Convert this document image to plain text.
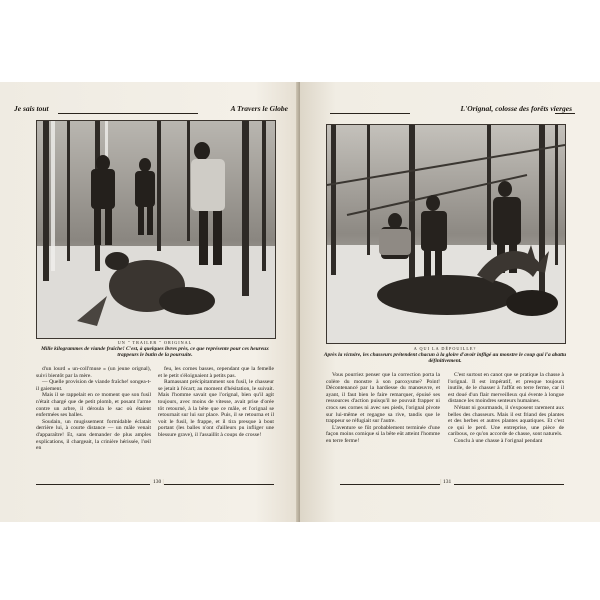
Je sais tout	A Travers le Globe
UN " TRAILER " ORIGINAL
Mille kilogrammes de viande fraîche! C'est, à quelques livres près, ce que représente pour ces heureux trappeurs le butin de la poursuite.

d'un lourd « un-coll'muse » (un jeune orignal), suivi bientôt par la mère.

— Quelle provision de viande fraîche! songea-t-il gaiement.

Mais il se rappelait en ce moment que son fusil n'était chargé que de petit plomb, et posant l'arme contre un arbre, il déroula le sac où étaient enfermées ses balles.

Soudain, un mugissement formidable éclatait derrière lui, à courte distance — un mâle venait d'apparaître! Et, sans demander de plus amples explications, il chargeait, la crinière hérissée, l'œil en

feu, les cornes basses, cependant que la femelle et le petit s'éloignaient à petits pas.

Ramassant précipitamment son fusil, le chasseur se jetait à l'écart; au moment d'hésitation, le suivait. Mais l'homme savait que l'orignal, bien qu'il agit toujours, avec moins de vitesse, avait prise d'orée tôt retourné, à la bête que ce mâle, et l'orignal se retournait sur lui sur place. Puis, il se retourna et il voit le fusil, le frappe, et il tira presque à bout portant (les balles n'ont d'ailleurs pu infliger une blessure grave), il l'assaillit à coups de crosse!

130
L'Orignal, colosse des forêts vierges
A QUI LA DÉPOUILLE?
Après la victoire, les chasseurs prétendent chacun à la gloire d'avoir infligé au monstre le coup qui l'a abattu définitivement.

Vous pourriez penser que la correction porta la colère du monstre à son paroxysme? Point! Décontenancé par la hardiesse du manœuvre, et ayant, il faut bien le faire remarquer, épuisé ses ressources d'action puisqu'il ne pouvait frapper ni crocs ses cornes ni avec ses pieds, l'orignal pivote sur lui-même et regagne sa rive, tandis que le trappeur se réfugiait sur l'autre.

L'aventure se fût probablement terminée d'une façon moins comique si la bête eût atteint l'homme en terre ferme!

C'est surtout en canot que se pratique la chasse à l'orignal. Il est impératif, et presque toujours inutile, de le chasser à l'affût en terre ferme, car il est doué d'un flair merveilleux qui évente à longue distance les moindres senteurs humaines.

N'étant ni gourmands, il s'exposent rarement aux belles des chasseurs. Mais il est friand des plantes et des herbes et autres plantes aquatiques. Et c'est ce qui le perd. Une entreprise, une pièce de caribous, ce qu'on accorde de chasse, sont naturels.

Conclu à une chasse à l'orignal pendant

131
